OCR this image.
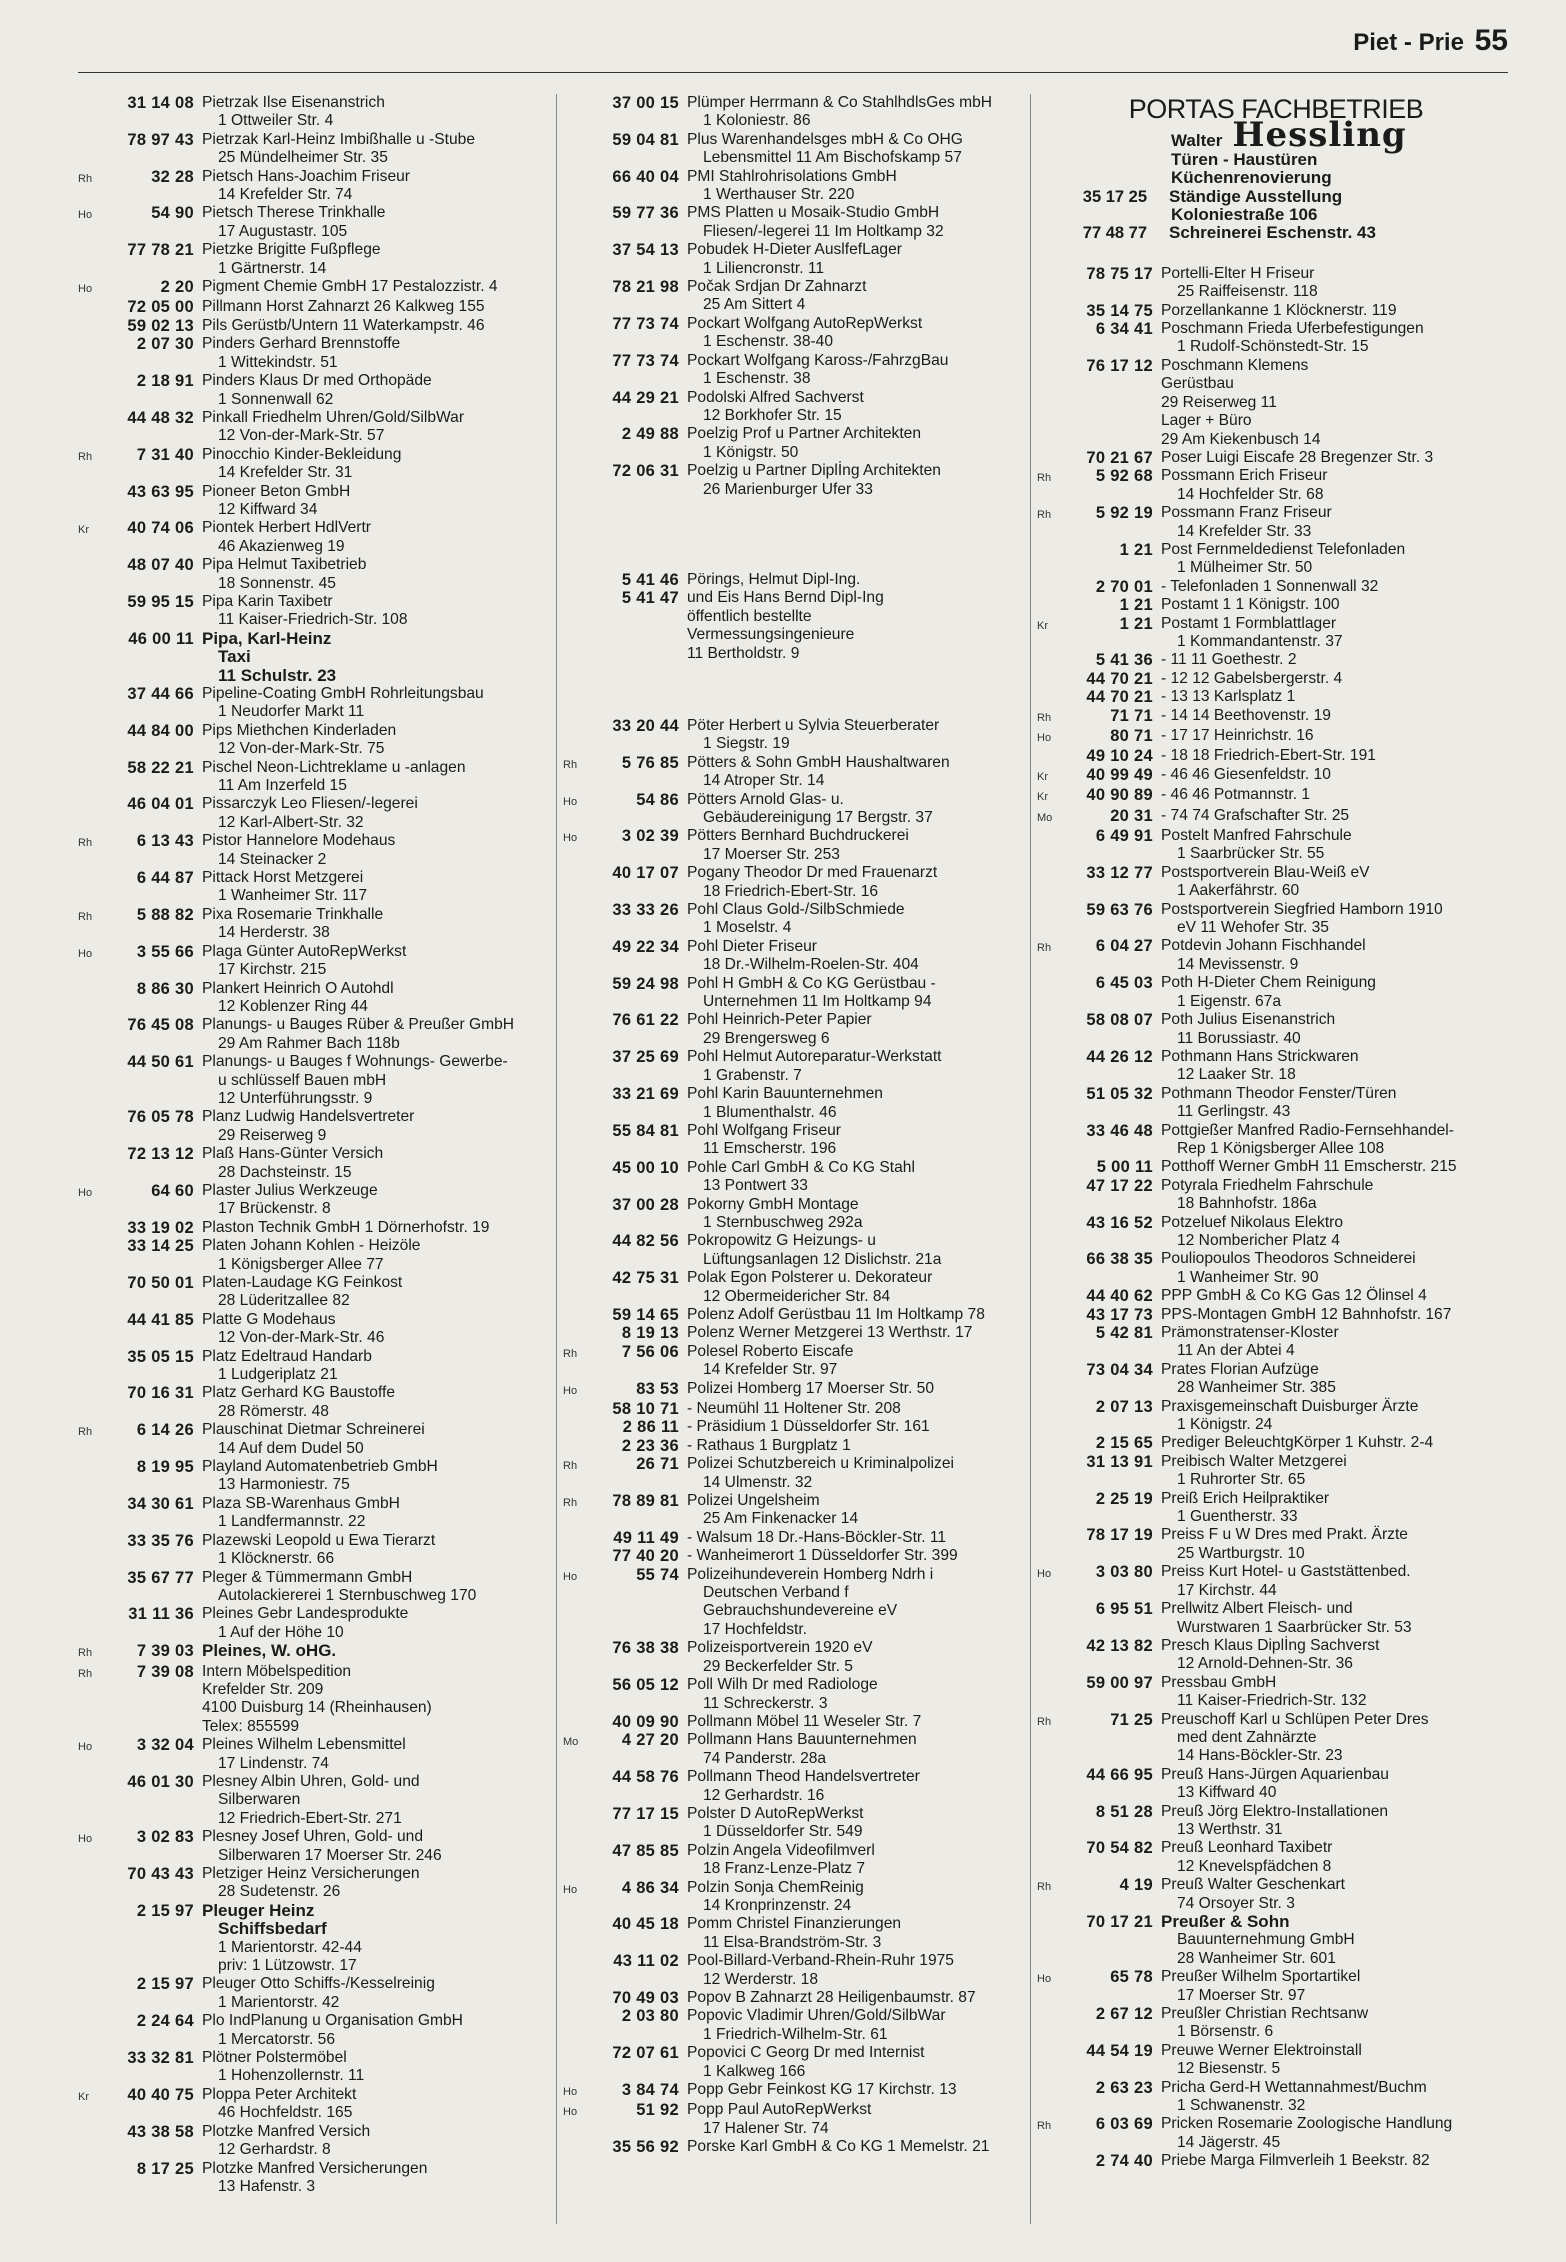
Piet - Prie 55
31 14 08 Pietrzak Ilse Eisenanstrich
1 Ottweiler Str. 4
78 97 43 Pietrzak Karl-Heinz Imbißhalle u -Stube
25 Mündelheimer Str. 35
Rh	32 28 Pietsch Hans-Joachim Friseur
14 Krefelder Str. 74
Ho	54 90 Pietsch Therese Trinkhalle
17 Augustastr. 105
77 78 21 Pietzke Brigitte Fußpflege
1 Gärtnerstr. 14
Ho	2 20 Pigment Chemie GmbH 17 Pestalozzistr. 4
72 05 00 Pillmann Horst Zahnarzt 26 Kalkweg 155
59 02 13 Pils Gerüstb/Untern 11 Waterkampstr. 46
2 07 30 Pinders Gerhard Brennstoffe
1 Wittekindstr. 51
2 18 91 Pinders Klaus Dr med Orthopäde
1 Sonnenwall 62
44 48 32 Pinkall Friedhelm Uhren/Gold/SilbWar
12 Von-der-Mark-Str. 57
Rh	7 31 40 Pinocchio Kinder-Bekleidung
14 Krefelder Str. 31
43 63 95 Pioneer Beton GmbH
12 Kiffward 34
Kr	40 74 06 Piontek Herbert HdlVertr
46 Akazienweg 19
48 07 40 Pipa Helmut Taxibetrieb
18 Sonnenstr. 45
59 95 15 Pipa Karin Taxibetr
11 Kaiser-Friedrich-Str. 108
46 00 11 Pipa, Karl-Heinz
Taxi
11 Schulstr. 23
37 44 66 Pipeline-Coating GmbH Rohrleitungsbau
1 Neudorfer Markt 11
44 84 00 Pips Miethchen Kinderladen
12 Von-der-Mark-Str. 75
58 22 21 Pischel Neon-Lichtreklame u -anlagen
11 Am Inzerfeld 15
46 04 01 Pissarczyk Leo Fliesen/-legerei
12 Karl-Albert-Str. 32
Rh	6 13 43 Pistor Hannelore Modehaus
14 Steinacker 2
6 44 87 Pittack Horst Metzgerei
1 Wanheimer Str. 117
Rh	5 88 82 Pixa Rosemarie Trinkhalle
14 Herderstr. 38
Ho	3 55 66 Plaga Günter AutoRepWerkst
17 Kirchstr. 215
8 86 30 Plankert Heinrich O Autohdl
12 Koblenzer Ring 44
76 45 08 Planungs- u Bauges Rüber & Preußer GmbH
29 Am Rahmer Bach 118b
44 50 61 Planungs- u Bauges f Wohnungs- Gewerbe-
u schlüsself Bauen mbH
12 Unterführungsstr. 9
76 05 78 Planz Ludwig Handelsvertreter
29 Reiserweg 9
72 13 12 Plaß Hans-Günter Versich
28 Dachsteinstr. 15
Ho	64 60 Plaster Julius Werkzeuge
17 Brückenstr. 8
33 19 02 Plaston Technik GmbH 1 Dörnerhofstr. 19
33 14 25 Platen Johann Kohlen - Heizöle
1 Königsberger Allee 77
70 50 01 Platen-Laudage KG Feinkost
28 Lüderitzallee 82
44 41 85 Platte G Modehaus
12 Von-der-Mark-Str. 46
35 05 15 Platz Edeltraud Handarb
1 Ludgeriplatz 21
70 16 31 Platz Gerhard KG Baustoffe
28 Römerstr. 48
Rh	6 14 26 Plauschinat Dietmar Schreinerei
14 Auf dem Dudel 50
8 19 95 Playland Automatenbetrieb GmbH
13 Harmoniestr. 75
34 30 61 Plaza SB-Warenhaus GmbH
1 Landfermannstr. 22
33 35 76 Plazewski Leopold u Ewa Tierarzt
1 Klöcknerstr. 66
35 67 77 Pleger & Tümmermann GmbH
Autolackiererei 1 Sternbuschweg 170
31 11 36 Pleines Gebr Landesprodukte
1 Auf der Höhe 10
Rh	7 39 03 Pleines, W. oHG.
Rh	7 39 08 Intern Möbelspedition
Krefelder Str. 209
4100 Duisburg 14 (Rheinhausen)
Telex: 855599
Ho	3 32 04 Pleines Wilhelm Lebensmittel
17 Lindenstr. 74
46 01 30 Plesney Albin Uhren, Gold- und
Silberwaren
12 Friedrich-Ebert-Str. 271
Ho	3 02 83 Plesney Josef Uhren, Gold- und
Silberwaren 17 Moerser Str. 246
70 43 43 Pletziger Heinz Versicherungen
28 Sudetenstr. 26
2 15 97 Pleuger Heinz
Schiffsbedarf
1 Marientorstr. 42-44
priv: 1 Lützowstr. 17
2 15 97 Pleuger Otto Schiffs-/Kesselreinig
1 Marientorstr. 42
2 24 64 Plo IndPlanung u Organisation GmbH
1 Mercatorstr. 56
33 32 81 Plötner Polstermöbel
1 Hohenzollernstr. 11
Kr	40 40 75 Ploppa Peter Architekt
46 Hochfeldstr. 165
43 38 58 Plotzke Manfred Versich
12 Gerhardstr. 8
8 17 25 Plotzke Manfred Versicherungen
13 Hafenstr. 3
37 00 15 Plümper Herrmann & Co StahlhdlsGes mbH
1 Koloniestr. 86
59 04 81 Plus Warenhandelsges mbH & Co OHG
Lebensmittel 11 Am Bischofskamp 57
66 40 04 PMI Stahlrohrisolations GmbH
1 Werthauser Str. 220
59 77 36 PMS Platten u Mosaik-Studio GmbH
Fliesen/-legerei 11 Im Holtkamp 32
37 54 13 Pobudek H-Dieter AuslfefLager
1 Liliencronstr. 11
78 21 98 Počak Srdjan Dr Zahnarzt
25 Am Sittert 4
77 73 74 Pockart Wolfgang AutoRepWerkst
1 Eschenstr. 38-40
77 73 74 Pockart Wolfgang Kaross-/FahrzgBau
1 Eschenstr. 38
44 29 21 Podolski Alfred Sachverst
12 Borkhofer Str. 15
2 49 88 Poelzig Prof u Partner Architekten
1 Königstr. 50
72 06 31 Poelzig u Partner Diplİng Architekten
26 Marienburger Ufer 33
5 41 46 Pörings, Helmut Dipl-Ing.
5 41 47 und Eis Hans Bernd Dipl-Ing
öffentlich bestellte
Vermessungsingenieure
11 Bertholdstr. 9
33 20 44 Pöter Herbert u Sylvia Steuerberater
1 Siegstr. 19
Rh	5 76 85 Pötters & Sohn GmbH Haushaltwaren
14 Atroper Str. 14
Ho	54 86 Pötters Arnold Glas- u.
Gebäudereinigung 17 Bergstr. 37
Ho	3 02 39 Pötters Bernhard Buchdruckerei
17 Moerser Str. 253
40 17 07 Pogany Theodor Dr med Frauenarzt
18 Friedrich-Ebert-Str. 16
33 33 26 Pohl Claus Gold-/SilbSchmiede
1 Moselstr. 4
49 22 34 Pohl Dieter Friseur
18 Dr.-Wilhelm-Roelen-Str. 404
59 24 98 Pohl H GmbH & Co KG Gerüstbau -
Unternehmen 11 Im Holtkamp 94
76 61 22 Pohl Heinrich-Peter Papier
29 Brengersweg 6
37 25 69 Pohl Helmut Autoreparatur-Werkstatt
1 Grabenstr. 7
33 21 69 Pohl Karin Bauunternehmen
1 Blumenthalstr. 46
55 84 81 Pohl Wolfgang Friseur
11 Emscherstr. 196
45 00 10 Pohle Carl GmbH & Co KG Stahl
13 Pontwert 33
37 00 28 Pokorny GmbH Montage
1 Sternbuschweg 292a
44 82 56 Pokropowitz G Heizungs- u
Lüftungsanlagen 12 Dislichstr. 21a
42 75 31 Polak Egon Polsterer u. Dekorateur
12 Obermeidericher Str. 84
59 14 65 Polenz Adolf Gerüstbau 11 Im Holtkamp 78
8 19 13 Polenz Werner Metzgerei 13 Werthstr. 17
Rh	7 56 06 Polesel Roberto Eiscafe
14 Krefelder Str. 97
Ho	83 53 Polizei Homberg 17 Moerser Str. 50
58 10 71 - Neumühl 11 Holtener Str. 208
2 86 11 - Präsidium 1 Düsseldorfer Str. 161
2 23 36 - Rathaus 1 Burgplatz 1
Rh	26 71 Polizei Schutzbereich u Kriminalpolizei
14 Ulmenstr. 32
Rh	78 89 81 Polizei Ungelsheim
25 Am Finkenacker 14
49 11 49 - Walsum 18 Dr.-Hans-Böckler-Str. 11
77 40 20 - Wanheimerort 1 Düsseldorfer Str. 399
Ho	55 74 Polizeihundeverein Homberg Ndrh i
Deutschen Verband f
Gebrauchshundevereine eV
17 Hochfeldstr.
76 38 38 Polizeisportverein 1920 eV
29 Beckerfelder Str. 5
56 05 12 Poll Wilh Dr med Radiologe
11 Schreckerstr. 3
40 09 90 Pollmann Möbel 11 Weseler Str. 7
Mo	4 27 20 Pollmann Hans Bauunternehmen
74 Panderstr. 28a
44 58 76 Pollmann Theod Handelsvertreter
12 Gerhardstr. 16
77 17 15 Polster D AutoRepWerkst
1 Düsseldorfer Str. 549
47 85 85 Polzin Angela Videofilmverl
18 Franz-Lenze-Platz 7
Ho	4 86 34 Polzin Sonja ChemReinig
14 Kronprinzenstr. 24
40 45 18 Pomm Christel Finanzierungen
11 Elsa-Brandström-Str. 3
43 11 02 Pool-Billard-Verband-Rhein-Ruhr 1975
12 Werderstr. 18
70 49 03 Popov B Zahnarzt 28 Heiligenbaumstr. 87
2 03 80 Popovic Vladimir Uhren/Gold/SilbWar
1 Friedrich-Wilhelm-Str. 61
72 07 61 Popovici C Georg Dr med Internist
1 Kalkweg 166
Ho	3 84 74 Popp Gebr Feinkost KG 17 Kirchstr. 13
Ho	51 92 Popp Paul AutoRepWerkst
17 Halener Str. 74
35 56 92 Porske Karl GmbH & Co KG 1 Memelstr. 21
PORTAS FACHBETRIEB
Walter Hessling
Türen - Haustüren
Küchenrenovierung
35 17 25	Ständige Ausstellung
Koloniestraße 106
77 48 77	Schreinerei Eschenstr. 43
78 75 17 Portelli-Elter H Friseur
25 Raiffeisenstr. 118
35 14 75 Porzellankanne 1 Klöcknerstr. 119
6 34 41 Poschmann Frieda Uferbefestigungen
1 Rudolf-Schönstedt-Str. 15
76 17 12 Poschmann Klemens
Gerüstbau
29 Reiserweg 11
Lager + Büro
29 Am Kiekenbusch 14
70 21 67 Poser Luigi Eiscafe 28 Bregenzer Str. 3
Rh	5 92 68 Possmann Erich Friseur
14 Hochfelder Str. 68
Rh	5 92 19 Possmann Franz Friseur
14 Krefelder Str. 33
1 21 Post Fernmeldedienst Telefonladen
1 Mülheimer Str. 50
2 70 01 - Telefonladen 1 Sonnenwall 32
1 21 Postamt 1 1 Königstr. 100
Kr	1 21 Postamt 1 Formblattlager
1 Kommandantenstr. 37
5 41 36 - 11 11 Goethestr. 2
44 70 21 - 12 12 Gabelsbergerstr. 4
44 70 21 - 13 13 Karlsplatz 1
Rh	71 71 - 14 14 Beethovenstr. 19
Ho	80 71 - 17 17 Heinrichstr. 16
49 10 24 - 18 18 Friedrich-Ebert-Str. 191
Kr	40 99 49 - 46 46 Giesenfeldstr. 10
Kr	40 90 89 - 46 46 Potmannstr. 1
Mo	20 31 - 74 74 Grafschafter Str. 25
6 49 91 Postelt Manfred Fahrschule
1 Saarbrücker Str. 55
33 12 77 Postsportverein Blau-Weiß eV
1 Aakerfährstr. 60
59 63 76 Postsportverein Siegfried Hamborn 1910
eV 11 Wehofer Str. 35
Rh	6 04 27 Potdevin Johann Fischhandel
14 Mevissenstr. 9
6 45 03 Poth H-Dieter Chem Reinigung
1 Eigenstr. 67a
58 08 07 Poth Julius Eisenanstrich
11 Borussiastr. 40
44 26 12 Pothmann Hans Strickwaren
12 Laaker Str. 18
51 05 32 Pothmann Theodor Fenster/Türen
11 Gerlingstr. 43
33 46 48 Pottgießer Manfred Radio-Fernsehhandel-
Rep 1 Königsberger Allee 108
5 00 11 Potthoff Werner GmbH 11 Emscherstr. 215
47 17 22 Potyrala Friedhelm Fahrschule
18 Bahnhofstr. 186a
43 16 52 Potzeluef Nikolaus Elektro
12 Nombericher Platz 4
66 38 35 Pouliopoulos Theodoros Schneiderei
1 Wanheimer Str. 90
44 40 62 PPP GmbH & Co KG Gas 12 Ölinsel 4
43 17 73 PPS-Montagen GmbH 12 Bahnhofstr. 167
5 42 81 Prämonstratenser-Kloster
11 An der Abtei 4
73 04 34 Prates Florian Aufzüge
28 Wanheimer Str. 385
2 07 13 Praxisgemeinschaft Duisburger Ärzte
1 Königstr. 24
2 15 65 Prediger BeleuchtgKörper 1 Kuhstr. 2-4
31 13 91 Preibisch Walter Metzgerei
1 Ruhrorter Str. 65
2 25 19 Preiß Erich Heilpraktiker
1 Guentherstr. 33
78 17 19 Preiss F u W Dres med Prakt. Ärzte
25 Wartburgstr. 10
Ho	3 03 80 Preiss Kurt Hotel- u Gaststättenbed.
17 Kirchstr. 44
6 95 51 Prellwitz Albert Fleisch- und
Wurstwaren 1 Saarbrücker Str. 53
42 13 82 Presch Klaus Diplİng Sachverst
12 Arnold-Dehnen-Str. 36
59 00 97 Pressbau GmbH
11 Kaiser-Friedrich-Str. 132
Rh	71 25 Preuschoff Karl u Schlüpen Peter Dres
med dent Zahnärzte
14 Hans-Böckler-Str. 23
44 66 95 Preuß Hans-Jürgen Aquarienbau
13 Kiffward 40
8 51 28 Preuß Jörg Elektro-Installationen
13 Werthstr. 31
70 54 82 Preuß Leonhard Taxibetr
12 Knevelspfädchen 8
Rh	4 19 Preuß Walter Geschenkart
74 Orsoyer Str. 3
70 17 21 Preußer & Sohn
Bauunternehmung GmbH
28 Wanheimer Str. 601
Ho	65 78 Preußer Wilhelm Sportartikel
17 Moerser Str. 97
2 67 12 Preußler Christian Rechtsanw
1 Börsenstr. 6
44 54 19 Preuwe Werner Elektroinstall
12 Biesenstr. 5
2 63 23 Pricha Gerd-H Wettannahmest/Buchm
1 Schwanenstr. 32
Rh	6 03 69 Pricken Rosemarie Zoologische Handlung
14 Jägerstr. 45
2 74 40 Priebe Marga Filmverleih 1 Beekstr. 82
